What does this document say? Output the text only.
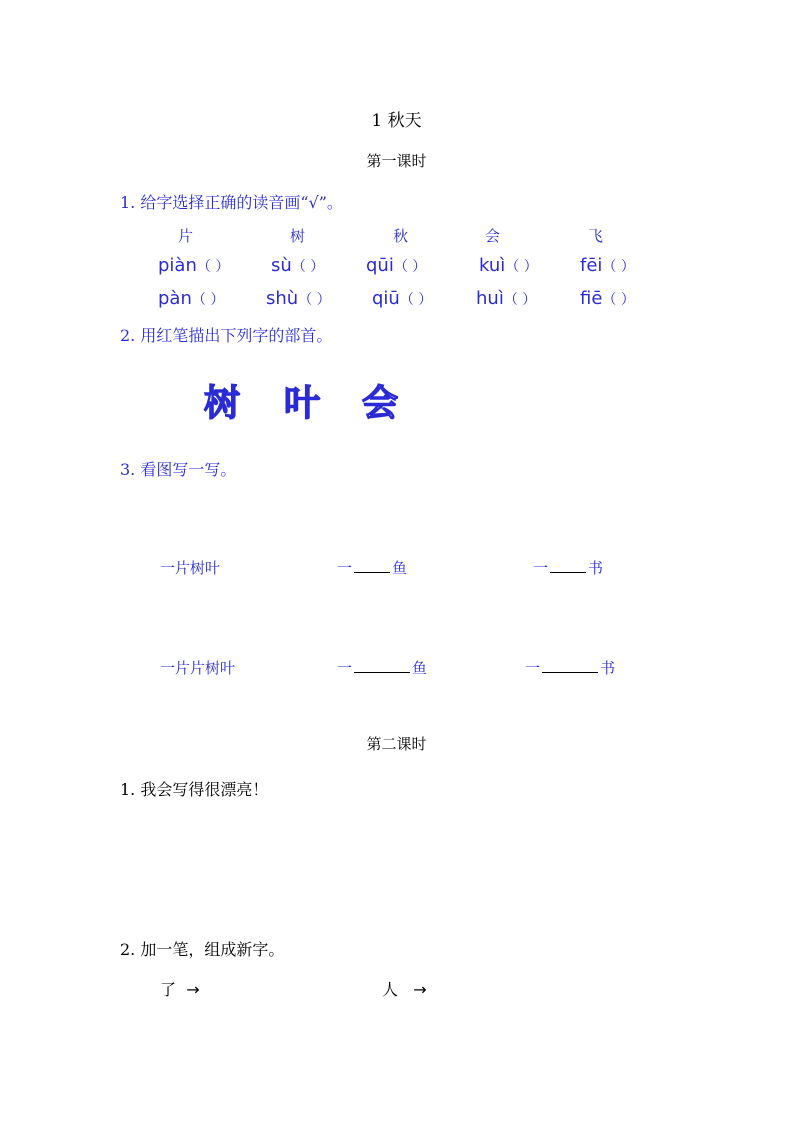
1 秋天
第一课时
1. 给字选择正确的读音画“√”。
片	树	秋	会	飞
piàn（ ） sù（ ） qūi（ ）	kuì（ ） fēi（ ）
pàn（ ） shù（ ） qiū（ ） huì（ ） fiē（ ）
2. 用红笔描出下列字的部首。
树 叶 会
3. 看图写一写。
一片树叶	一	鱼	一	书
一片片树叶	一	鱼	一	书
第二课时
1. 我会写得很漂亮！
2. 加一笔，组成新字。
了 →	人 →
